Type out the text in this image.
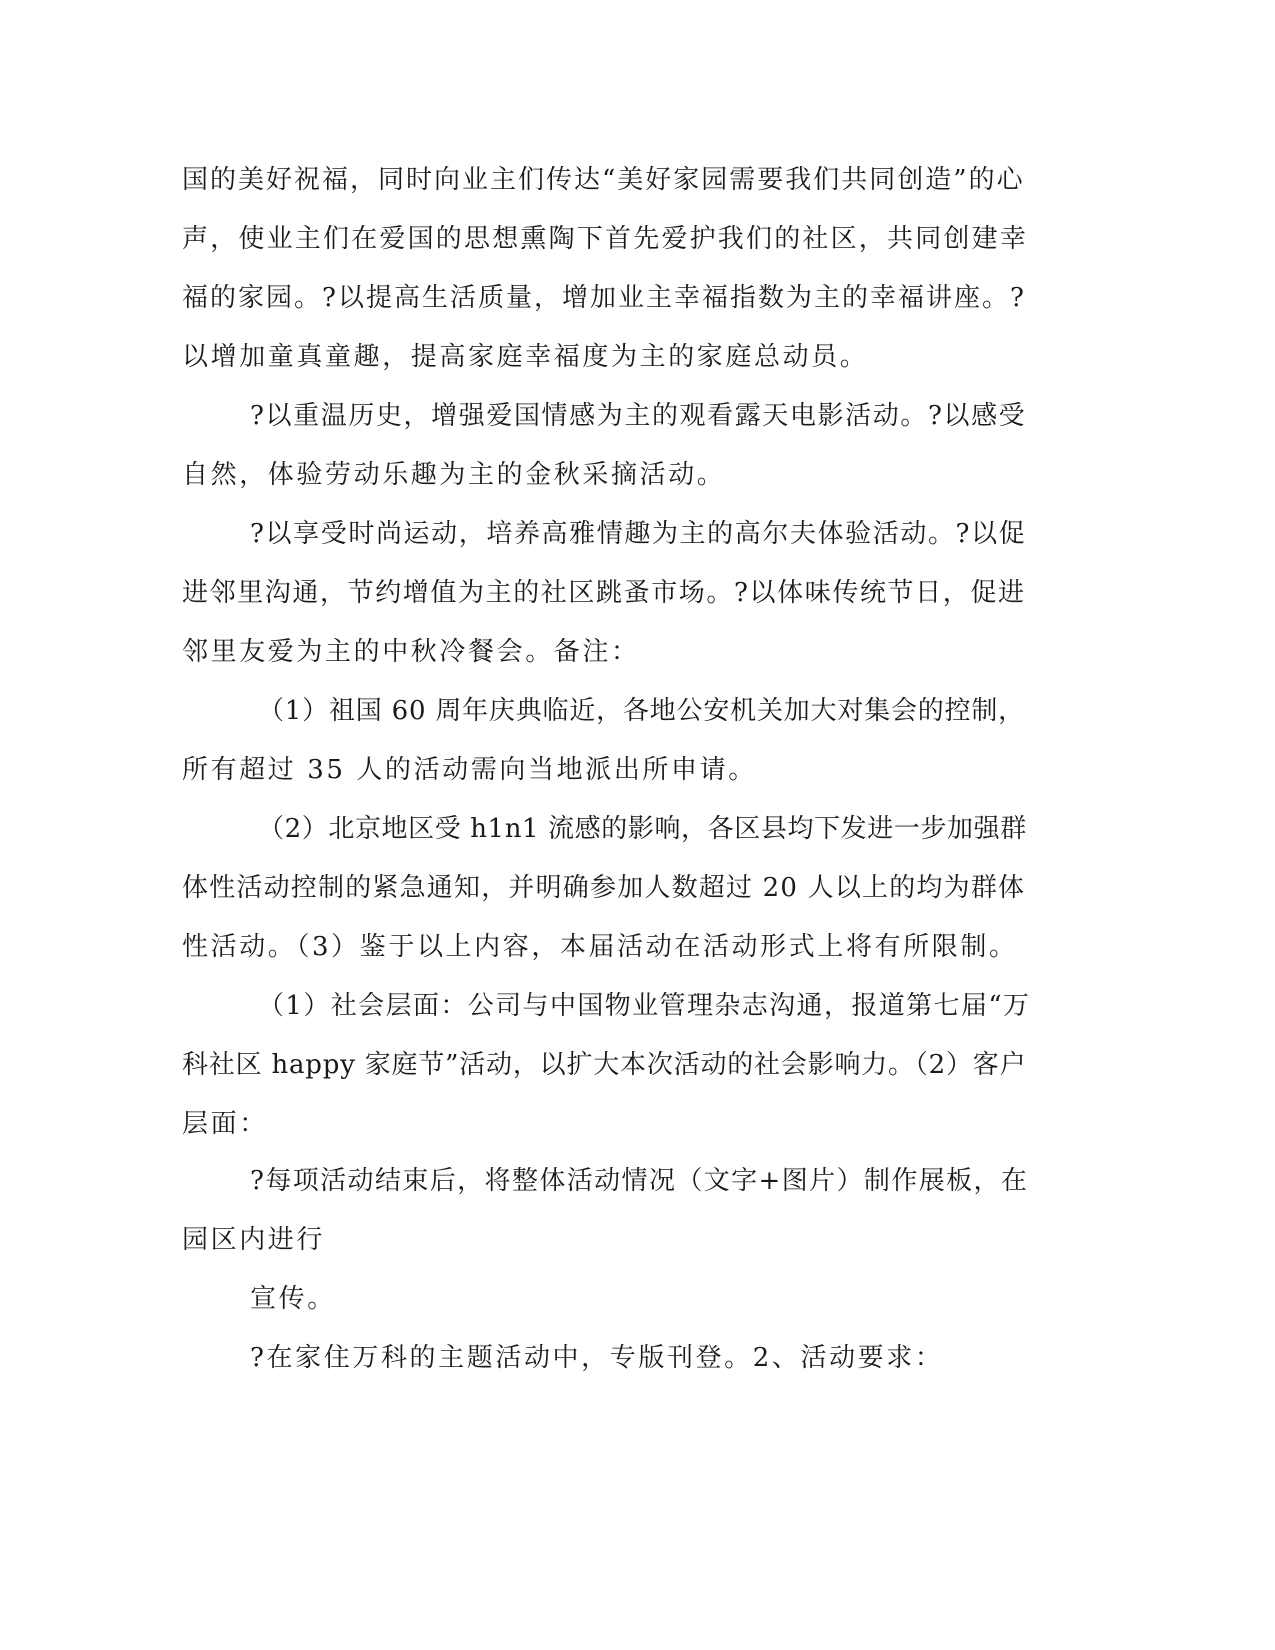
国的美好祝福，同时向业主们传达“美好家园需要我们共同创造”的心
声，使业主们在爱国的思想熏陶下首先爱护我们的社区，共同创建幸
福的家园。?以提高生活质量，增加业主幸福指数为主的幸福讲座。?
以增加童真童趣，提高家庭幸福度为主的家庭总动员。
?以重温历史，增强爱国情感为主的观看露天电影活动。?以感受
自然，体验劳动乐趣为主的金秋采摘活动。
?以享受时尚运动，培养高雅情趣为主的高尔夫体验活动。?以促
进邻里沟通，节约增值为主的社区跳蚤市场。?以体味传统节日，促进
邻里友爱为主的中秋冷餐会。备注：
（1）祖国 60 周年庆典临近，各地公安机关加大对集会的控制，
所有超过 35 人的活动需向当地派出所申请。
（2）北京地区受 h1n1 流感的影响，各区县均下发进一步加强群
体性活动控制的紧急通知，并明确参加人数超过 20 人以上的均为群体
性活动。（3）鉴于以上内容，本届活动在活动形式上将有所限制。
（1）社会层面：公司与中国物业管理杂志沟通，报道第七届“万
科社区 happy 家庭节”活动，以扩大本次活动的社会影响力。（2）客户
层面：
?每项活动结束后，将整体活动情况（文字+图片）制作展板，在
园区内进行
宣传。
?在家住万科的主题活动中，专版刊登。2、活动要求：
